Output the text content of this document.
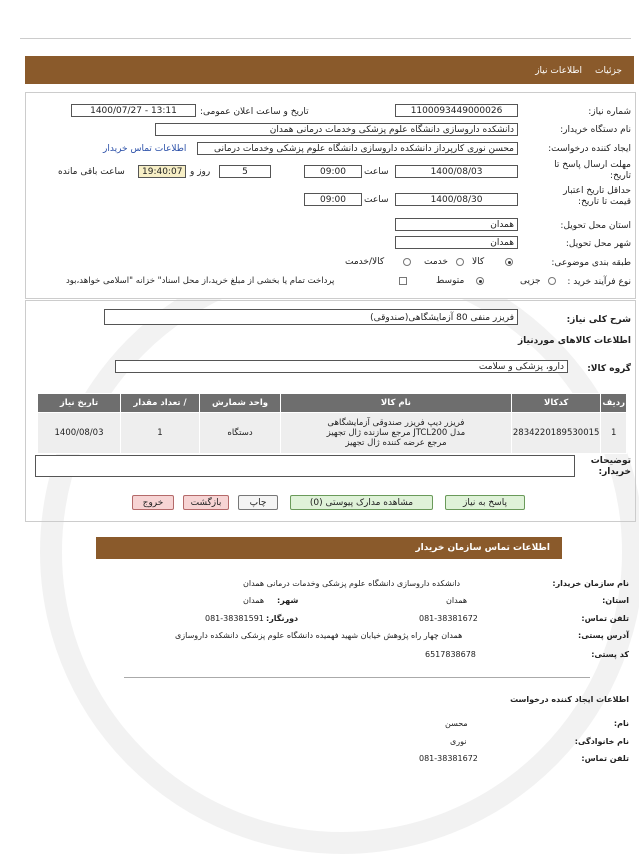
جزئیات
اطلاعات نیاز
شماره نیاز:
1100093449000026
تاریخ و ساعت اعلان عمومی:
1400/07/27 - 13:11
نام دستگاه خریدار:
دانشکده داروسازی دانشگاه علوم پزشکی وخدمات درمانی همدان
ایجاد کننده درخواست:
محسن نوری کارپرداز دانشکده داروسازی دانشگاه علوم پزشکی وخدمات درمانی
اطلاعات تماس خریدار
مهلت ارسال پاسخ تا تاریخ:
1400/08/03
ساعت
09:00
5
روز و
19:40:07
ساعت باقی مانده
حداقل تاریخ اعتبار قیمت تا تاریخ:
1400/08/30
ساعت
09:00
استان محل تحویل:
همدان
شهر محل تحویل:
همدان
طبقه بندی موضوعی:
کالا
خدمت
کالا/خدمت
نوع فرآیند خرید :
جزیی
متوسط
پرداخت تمام یا بخشی از مبلغ خرید،از محل اسناد" خزانه "اسلامی خواهد،بود
شرح کلی نیاز:
فریزر منفی 80 آزمایشگاهی(صندوقی)
اطلاعات کالاهای موردنیاز
گروه کالا:
دارو، پزشکی و سلامت
ردیف	کدکالا	نام کالا	واحد شمارش	/ تعداد مقدار	تاریخ نیاز
1	2834220189530015	فریزر دیپ فریزر صندوقی آزمایشگاهی مدل JTCL200 مرجع سازنده ژال تجهیز مرجع عرضه کننده ژال تجهیز	دستگاه	1	1400/08/03
توضیحات خریدار:
پاسخ به نیاز
مشاهده مدارک پیوستی (0)
چاپ
بازگشت
خروج
اطلاعات تماس سازمان خریدار
نام سازمان خریدار:
دانشکده داروسازی دانشگاه علوم پزشکی وخدمات درمانی همدان
استان:
همدان
شهر:
همدان
تلفن تماس:
081-38381672
دورنگار:
081-38381591
آدرس پستی:
همدان چهار راه پژوهش خیابان شهید فهمیده دانشگاه علوم پزشکی دانشکده داروسازی
کد پستی:
6517838678
اطلاعات ایجاد کننده درخواست
نام:
محسن
نام خانوادگی:
نوری
تلفن تماس:
081-38381672
